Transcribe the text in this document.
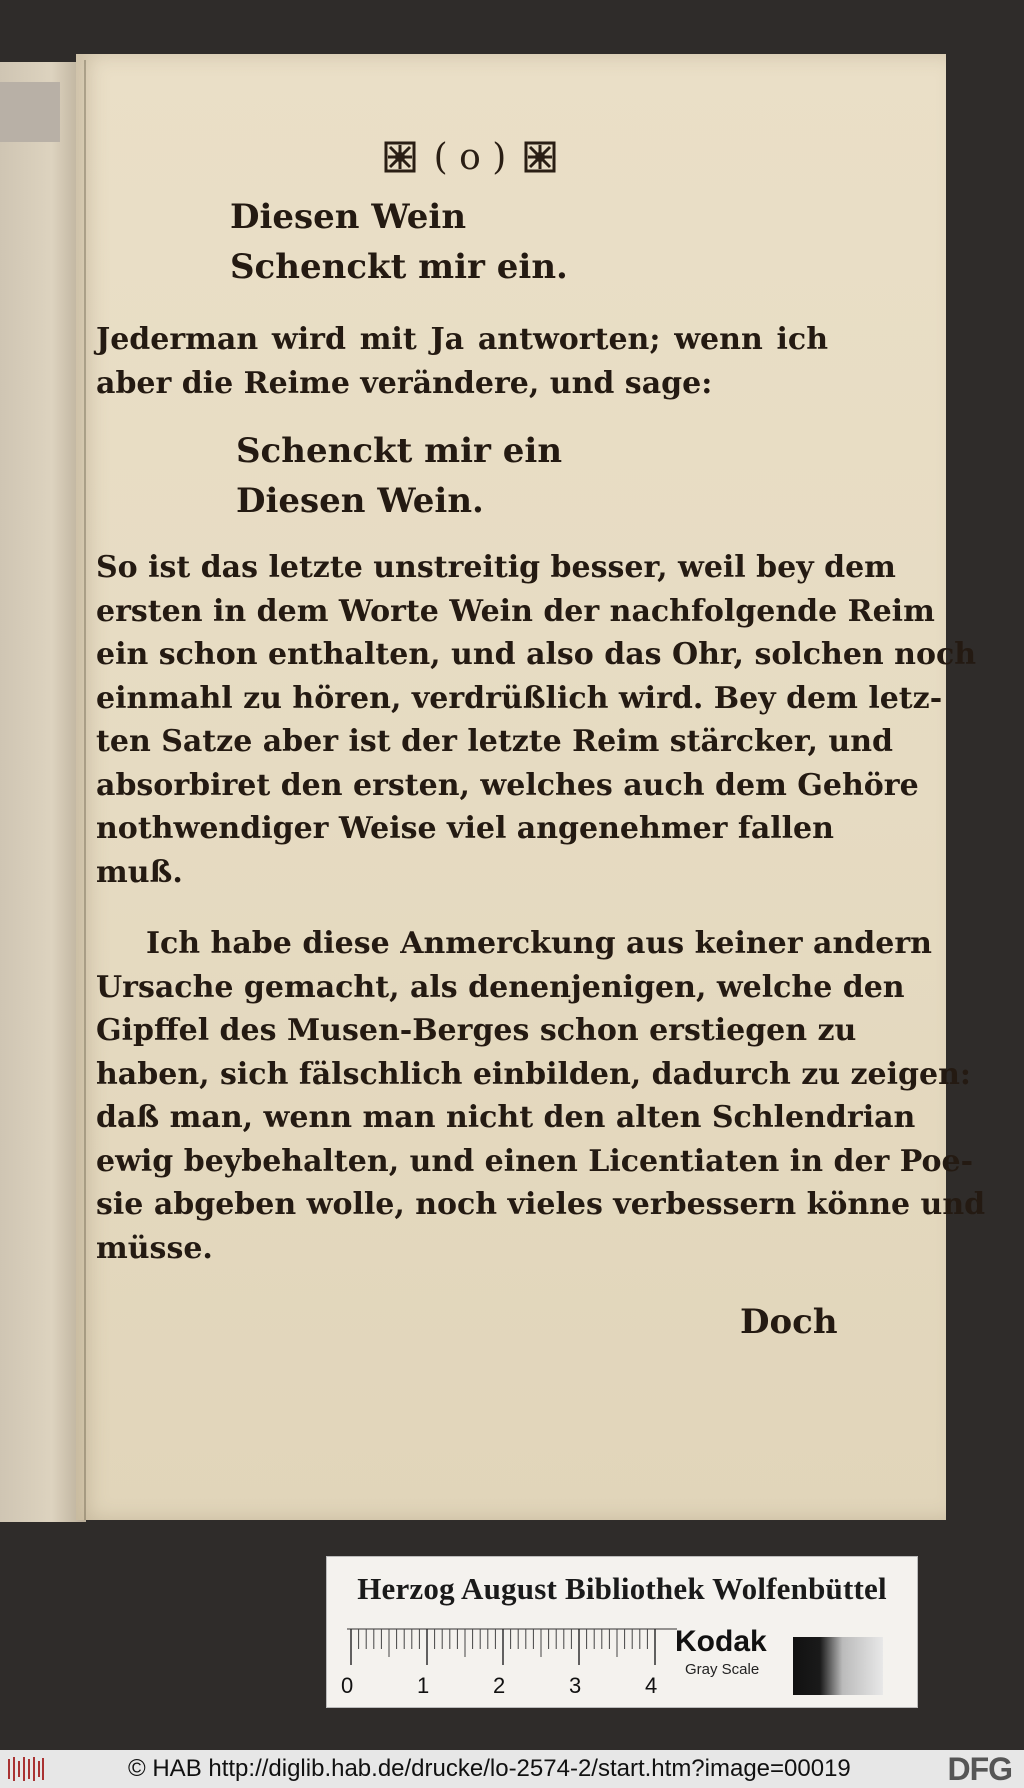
( o )
Diesen Wein
Schenckt mir ein.
Jederman wird mit Ja antworten; wenn ich
aber die Reime verändere, und sage:
Schenckt mir ein
Diesen Wein.
So ist das letzte unstreitig besser, weil bey dem
ersten in dem Worte Wein der nachfolgende Reim
ein schon enthalten, und also das Ohr, solchen noch
einmahl zu hören, verdrüßlich wird. Bey dem letz-
ten Satze aber ist der letzte Reim stärcker, und
absorbiret den ersten, welches auch dem Gehöre
nothwendiger Weise viel angenehmer fallen
muß.
Ich habe diese Anmerckung aus keiner andern
Ursache gemacht, als denenjenigen, welche den
Gipffel des Musen-Berges schon erstiegen zu
haben, sich fälschlich einbilden, dadurch zu zeigen:
daß man, wenn man nicht den alten Schlendrian
ewig beybehalten, und einen Licentiaten in der Poe-
sie abgeben wolle, noch vieles verbessern könne und
müsse.
Doch
Herzog August Bibliothek Wolfenbüttel
0	1	2	3	4
Kodak
Gray Scale
© HAB http://diglib.hab.de/drucke/lo-2574-2/start.htm?image=00019	DFG
